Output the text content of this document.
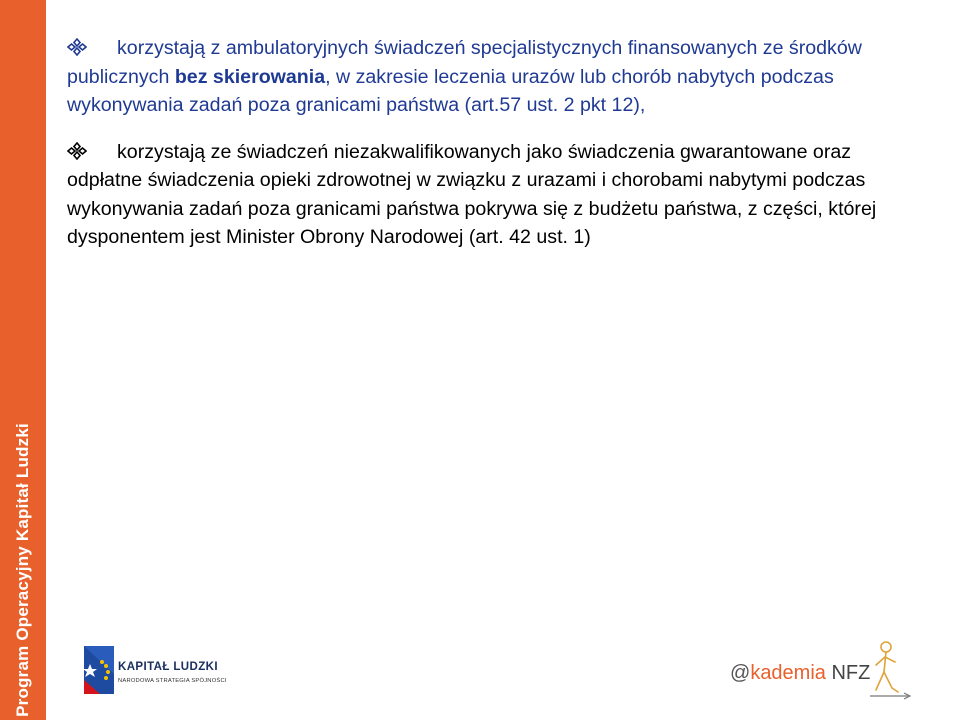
Program Operacyjny Kapitał Ludzki

korzystają z ambulatoryjnych świadczeń specjalistycznych finansowanych ze środków publicznych bez skierowania, w zakresie leczenia urazów lub chorób nabytych podczas wykonywania zadań poza granicami państwa (art.57 ust. 2 pkt 12),

korzystają ze świadczeń niezakwalifikowanych jako świadczenia gwarantowane oraz odpłatne świadczenia opieki zdrowotnej w związku z urazami i chorobami nabytymi podczas wykonywania zadań poza granicami państwa pokrywa się z budżetu państwa, z części, której dysponentem jest Minister Obrony Narodowej (art. 42 ust. 1)

KAPITAŁ LUDZKI
NARODOWA STRATEGIA SPÓJNOŚCI	@kademia NFZ
